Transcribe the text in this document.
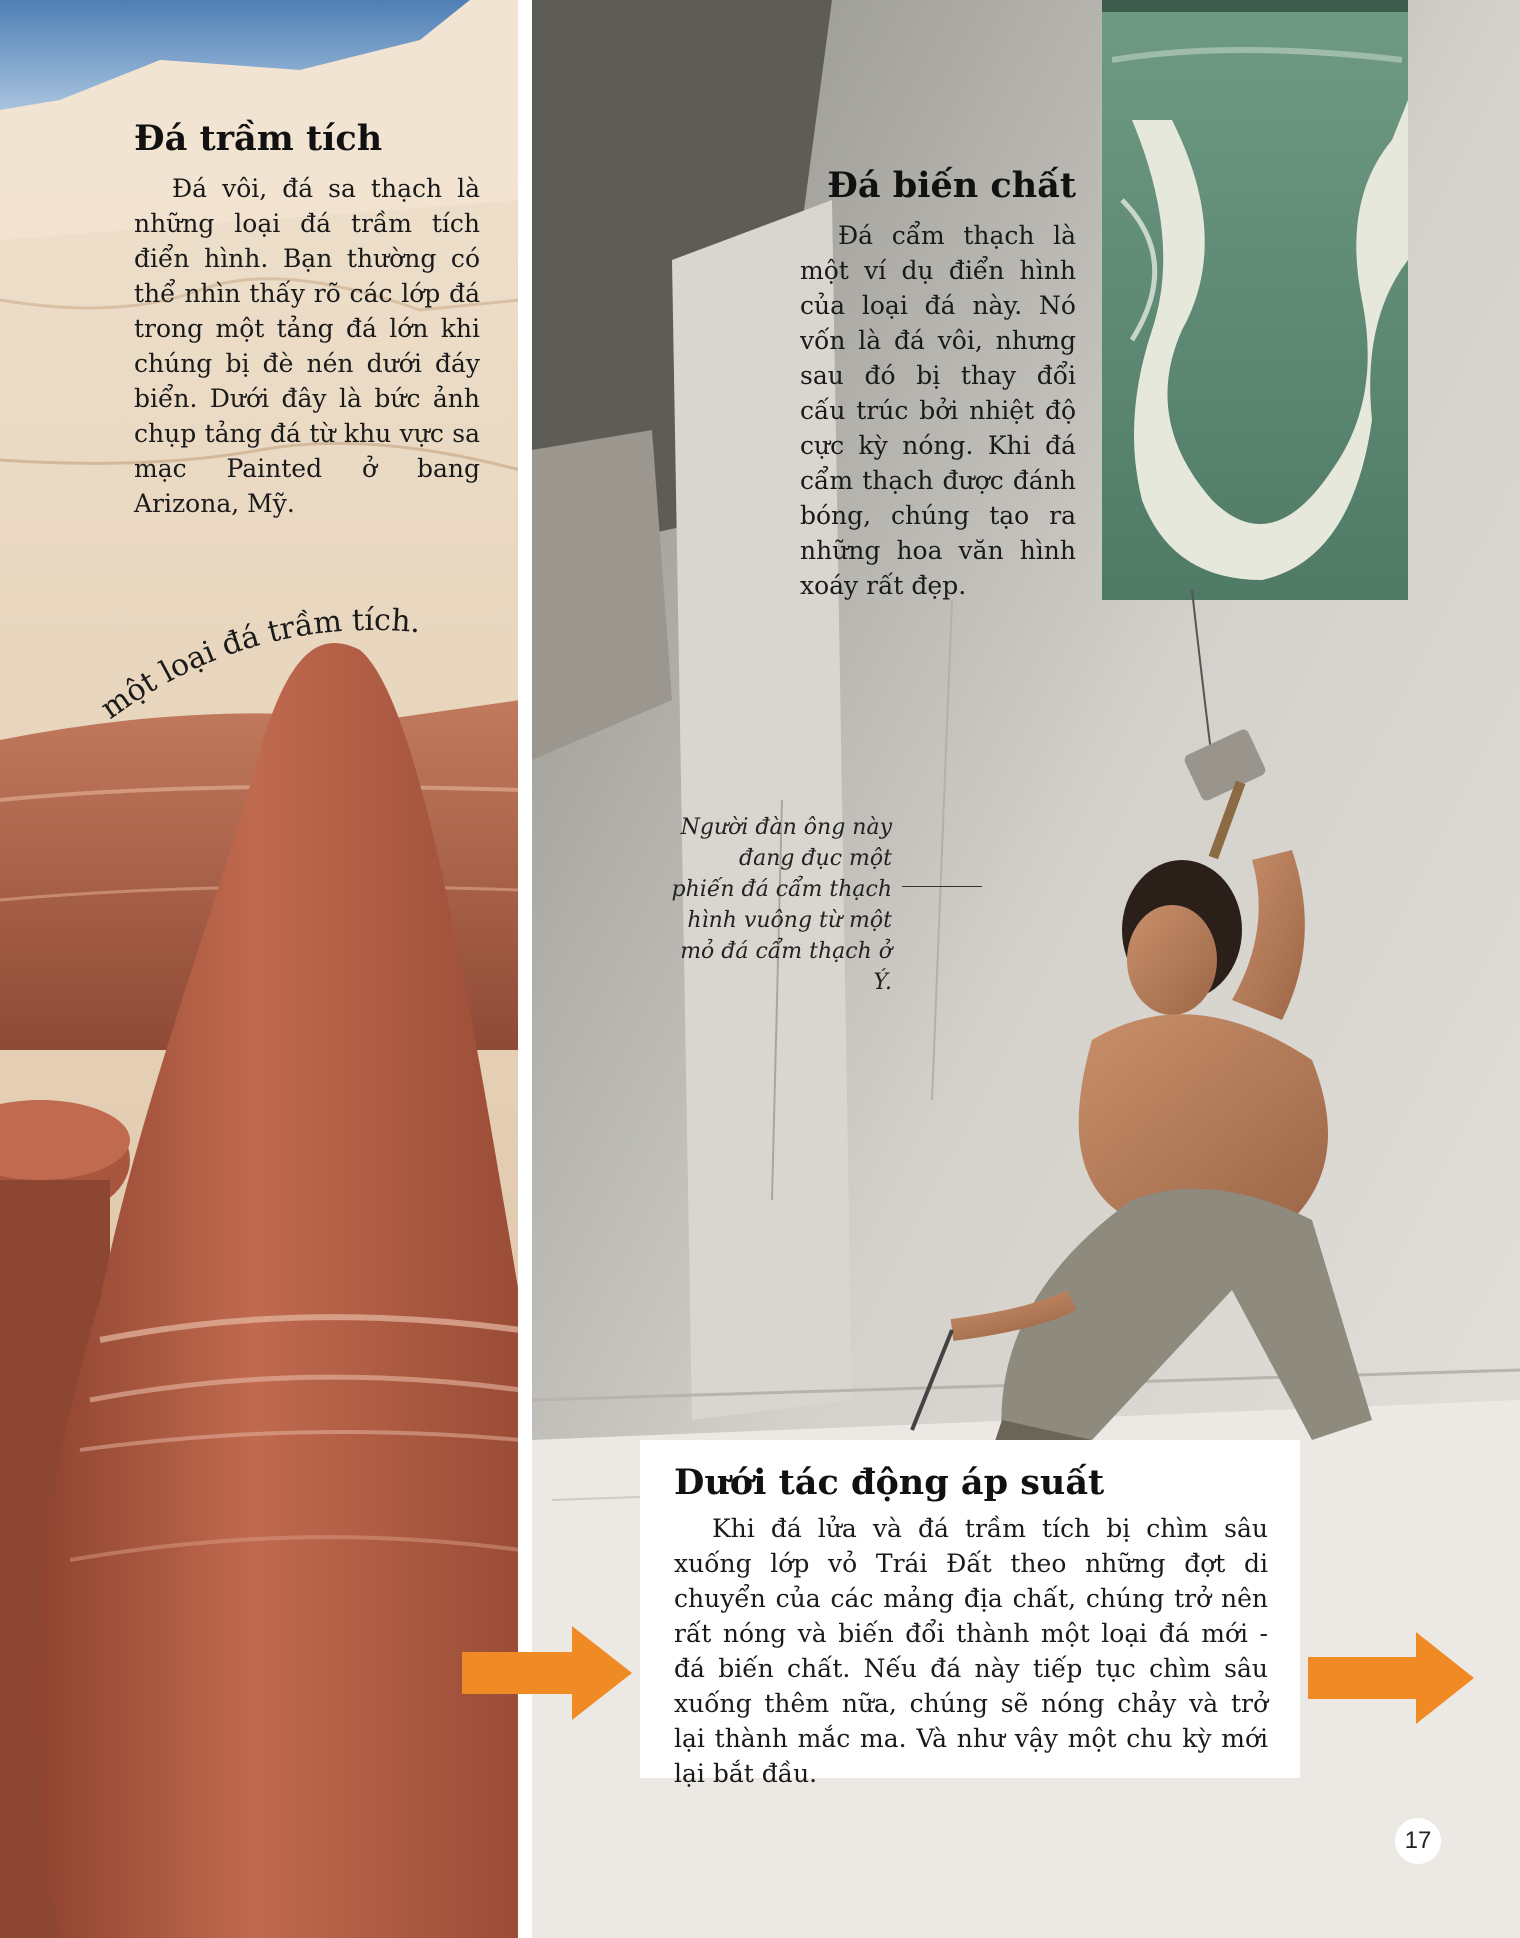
Đá trầm tích

Đá vôi, đá sa thạch là những loại đá trầm tích điển hình. Bạn thường có thể nhìn thấy rõ các lớp đá trong một tảng đá lớn khi chúng bị đè nén dưới đáy biển. Dưới đây là bức ảnh chụp tảng đá từ khu vực sa mạc Painted ở bang Arizona, Mỹ.

một loại đá trầm tích.
Đá biến chất

Đá cẩm thạch là một ví dụ điển hình của loại đá này. Nó vốn là đá vôi, nhưng sau đó bị thay đổi cấu trúc bởi nhiệt độ cực kỳ nóng. Khi đá cẩm thạch được đánh bóng, chúng tạo ra những hoa văn hình xoáy rất đẹp.

Người đàn ông này đang đục một phiến đá cẩm thạch hình vuông từ một mỏ đá cẩm thạch ở Ý.
Dưới tác động áp suất

Khi đá lửa và đá trầm tích bị chìm sâu xuống lớp vỏ Trái Đất theo những đợt di chuyển của các mảng địa chất, chúng trở nên rất nóng và biến đổi thành một loại đá mới - đá biến chất. Nếu đá này tiếp tục chìm sâu xuống thêm nữa, chúng sẽ nóng chảy và trở lại thành mắc ma. Và như vậy một chu kỳ mới lại bắt đầu.

17
